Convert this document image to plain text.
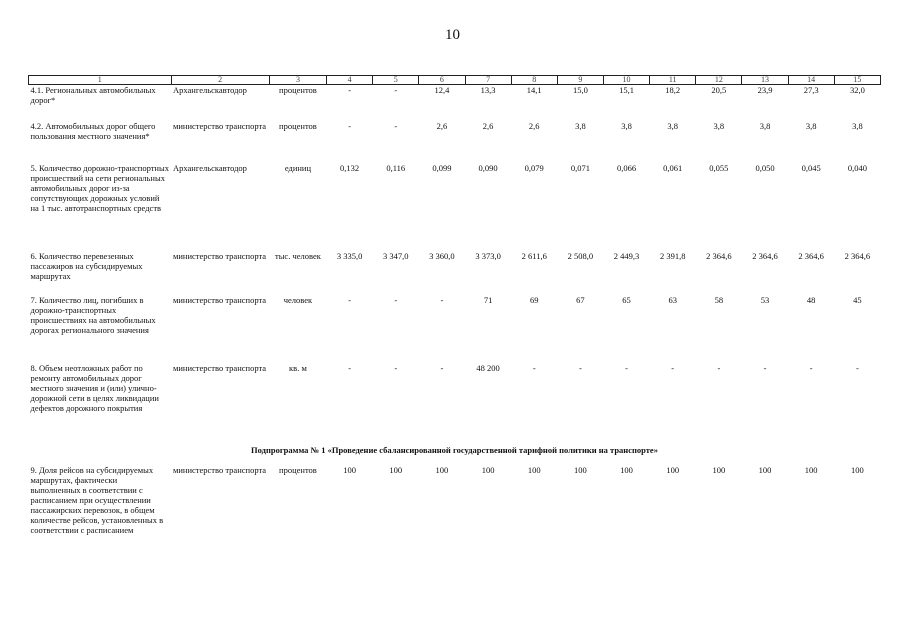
10
1	2	3	4	5	6	7	8	9	10	11	12	13	14	15
4.1. Региональных автомобильных дорог*	Архангельскавтодор	процентов	-	-	12,4	13,3	14,1	15,0	15,1	18,2	20,5	23,9	27,3	32,0
4.2. Автомобильных дорог общего пользования местного значения*	министерство транспорта	процентов	-	-	2,6	2,6	2,6	3,8	3,8	3,8	3,8	3,8	3,8	3,8
5. Количество дорожно-транспортных происшествий на сети региональных автомобильных дорог из-за сопутствующих дорожных условий на 1 тыс. автотранспортных средств	Архангельскавтодор	единиц	0,132	0,116	0,099	0,090	0,079	0,071	0,066	0,061	0,055	0,050	0,045	0,040
6. Количество перевезенных пассажиров на субсидируемых маршрутах	министерство транспорта	тыс. человек	3 335,0	3 347,0	3 360,0	3 373,0	2 611,6	2 508,0	2 449,3	2 391,8	2 364,6	2 364,6	2 364,6	2 364,6
7. Количество лиц, погибших в дорожно-транспортных происшествиях на автомобильных дорогах регионального значения	министерство транспорта	человек	-	-	-	71	69	67	65	63	58	53	48	45
8. Объем неотложных работ по ремонту автомобильных дорог местного значения и (или) улично-дорожной сети в целях ликвидации дефектов дорожного покрытия	министерство транспорта	кв. м	-	-	-	48 200	-	-	-	-	-	-	-	-
Подпрограмма № 1 «Проведение сбалансированной государственной тарифной политики на транспорте»														
9. Доля рейсов на субсидируемых маршрутах, фактически выполненных в соответствии с расписанием при осуществлении пассажирских перевозок, в общем количестве рейсов, установленных в соответствии с расписанием	министерство транспорта	процентов	100	100	100	100	100	100	100	100	100	100	100	100
